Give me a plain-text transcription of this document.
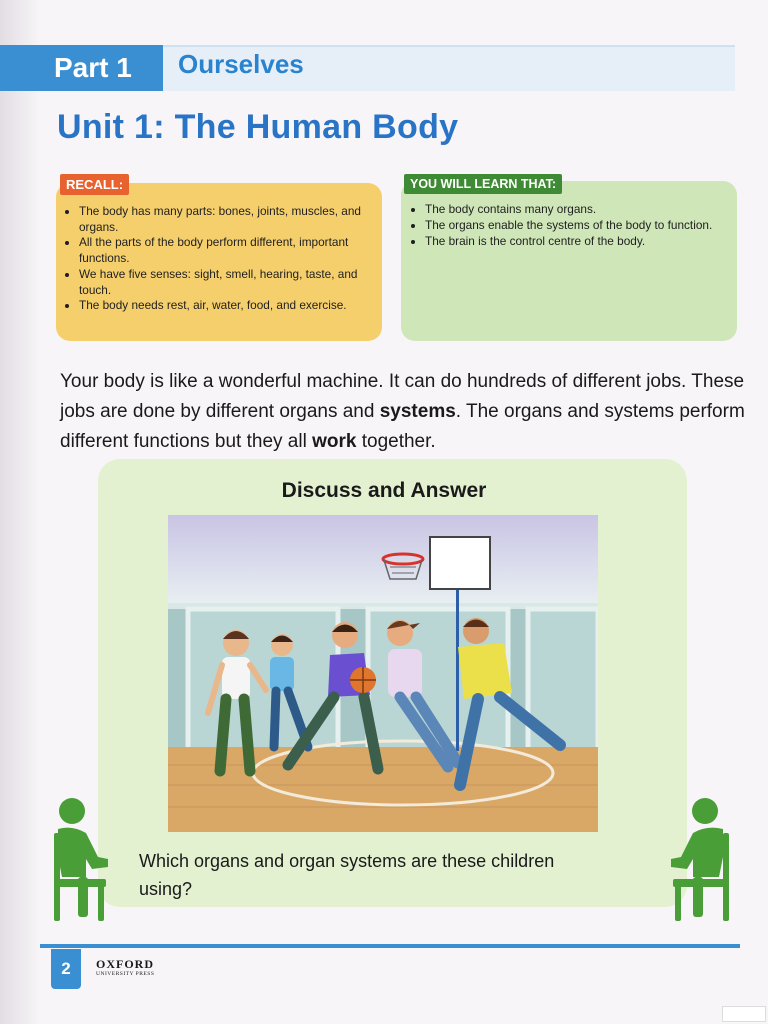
Part 1	Ourselves
Unit 1: The Human Body
RECALL:
• The body has many parts: bones, joints, muscles, and organs.
• All the parts of the body perform different, important functions.
• We have five senses: sight, smell, hearing, taste, and touch.
• The body needs rest, air, water, food, and exercise.
YOU WILL LEARN THAT:
• The body contains many organs.
• The organs enable the systems of the body to function.
• The brain is the control centre of the body.

Your body is like a wonderful machine. It can do hundreds of different jobs. These jobs are done by different organs and systems. The organs and systems perform different functions but they all work together.

Discuss and Answer
Which organs and organ systems are these children using?
2	OXFORD
UNIVERSITY PRESS
